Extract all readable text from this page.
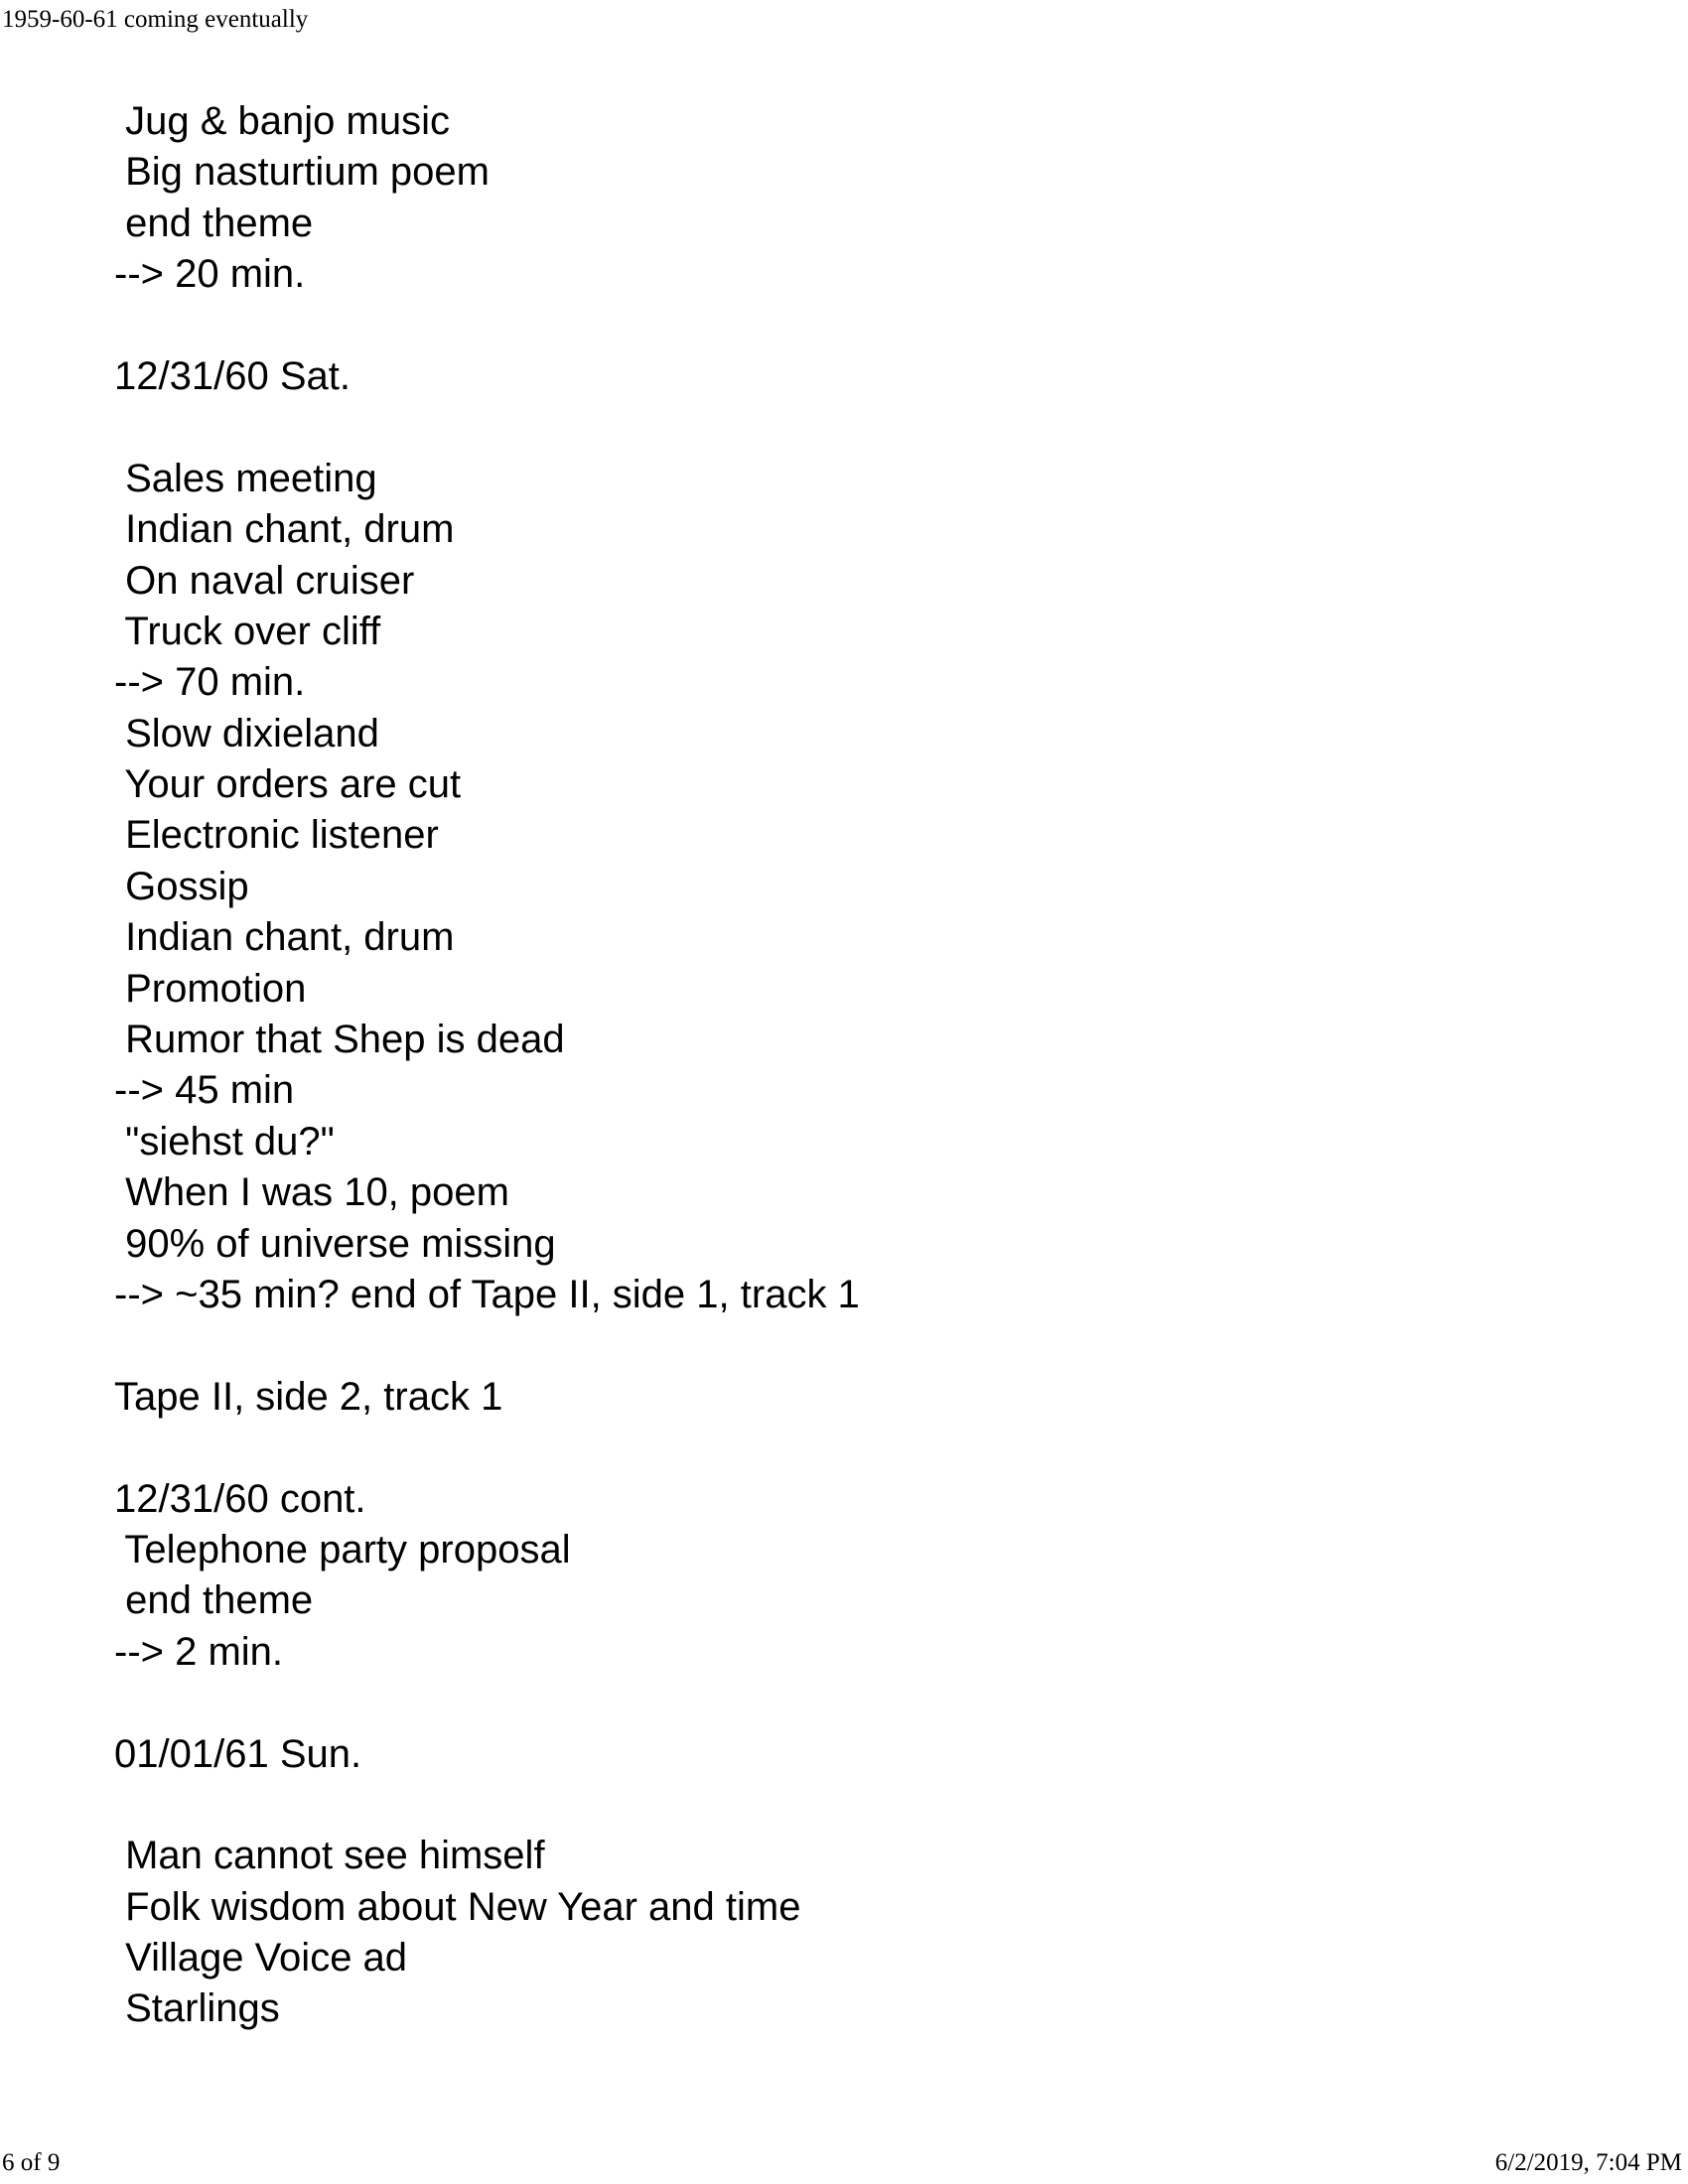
1959-60-61 coming eventually
Jug & banjo music
Big nasturtium poem
end theme
--> 20 min.
12/31/60 Sat.
Sales meeting
Indian chant, drum
On naval cruiser
Truck over cliff
--> 70 min.
Slow dixieland
Your orders are cut
Electronic listener
Gossip
Indian chant, drum
Promotion
Rumor that Shep is dead
--> 45 min
"siehst du?"
When I was 10, poem
90% of universe missing
--> ~35 min? end of Tape II, side 1, track 1
Tape II, side 2, track 1
12/31/60 cont.
Telephone party proposal
end theme
--> 2 min.
01/01/61 Sun.
Man cannot see himself
Folk wisdom about New Year and time
Village Voice ad
Starlings
6 of 9	6/2/2019, 7:04 PM
